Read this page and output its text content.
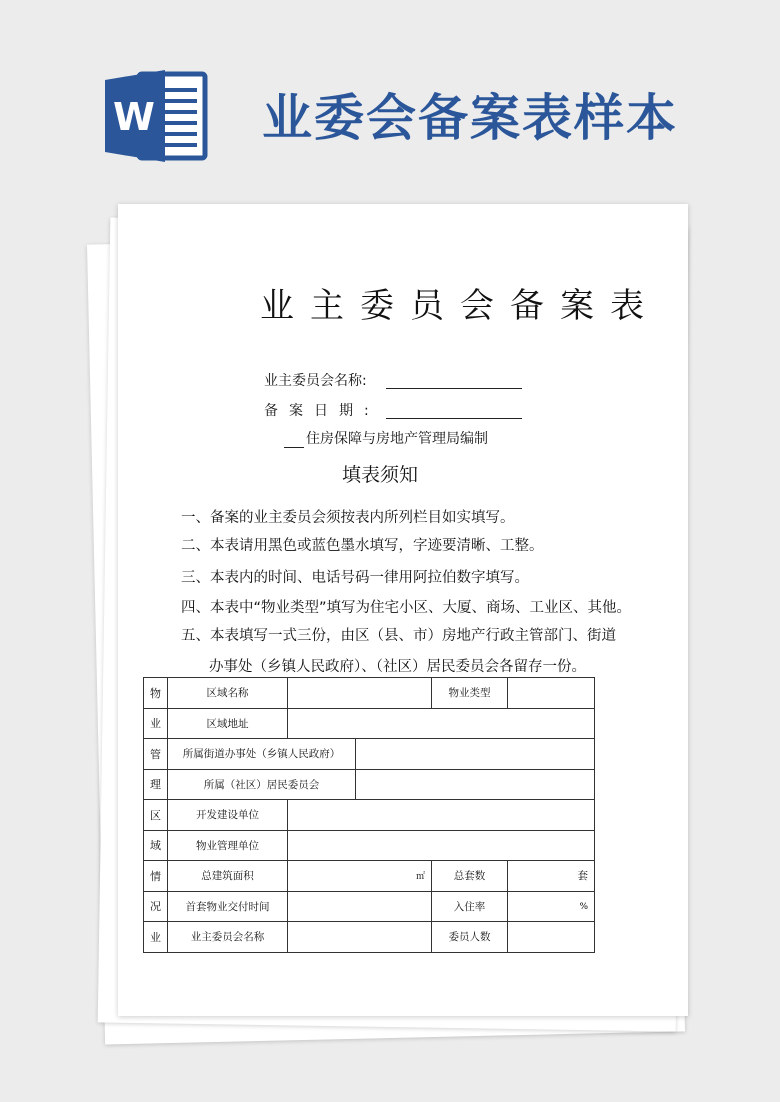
W 业委会备案表样本
业主委员会备案表
业主委员会名称:
备案日期:
住房保障与房地产管理局编制
填表须知
一、备案的业主委员会须按表内所列栏目如实填写。
二、本表请用黑色或蓝色墨水填写，字迹要清晰、工整。
三、本表内的时间、电话号码一律用阿拉伯数字填写。
四、本表中“物业类型”填写为住宅小区、大厦、商场、工业区、其他。
五、本表填写一式三份，由区（县、市）房地产行政主管部门、街道
办事处（乡镇人民政府）、（社区）居民委员会各留存一份。
物	区域名称			物业类型	
业	区域地址				
管	所属街道办事处（乡镇人民政府）				
理	所属（社区）居民委员会				
区	开发建设单位				
域	物业管理单位				
情	总建筑面积	㎡		总套数	套
况	首套物业交付时间			入住率	%
业	业主委员会名称			委员人数	
